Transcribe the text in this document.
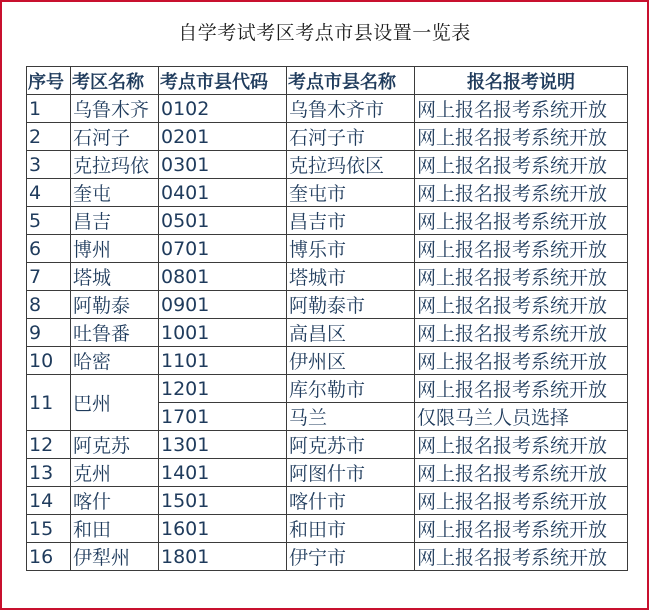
自学考试考区考点市县设置一览表
序号	考区名称	考点市县代码	考点市县名称	报名报考说明
1	乌鲁木齐	0102	乌鲁木齐市	网上报名报考系统开放
2	石河子	0201	石河子市	网上报名报考系统开放
3	克拉玛依	0301	克拉玛依区	网上报名报考系统开放
4	奎屯	0401	奎屯市	网上报名报考系统开放
5	昌吉	0501	昌吉市	网上报名报考系统开放
6	博州	0701	博乐市	网上报名报考系统开放
7	塔城	0801	塔城市	网上报名报考系统开放
8	阿勒泰	0901	阿勒泰市	网上报名报考系统开放
9	吐鲁番	1001	高昌区	网上报名报考系统开放
10	哈密	1101	伊州区	网上报名报考系统开放
11	巴州	1201	库尔勒市	网上报名报考系统开放
		1701	马兰	仅限马兰人员选择
12	阿克苏	1301	阿克苏市	网上报名报考系统开放
13	克州	1401	阿图什市	网上报名报考系统开放
14	喀什	1501	喀什市	网上报名报考系统开放
15	和田	1601	和田市	网上报名报考系统开放
16	伊犁州	1801	伊宁市	网上报名报考系统开放
